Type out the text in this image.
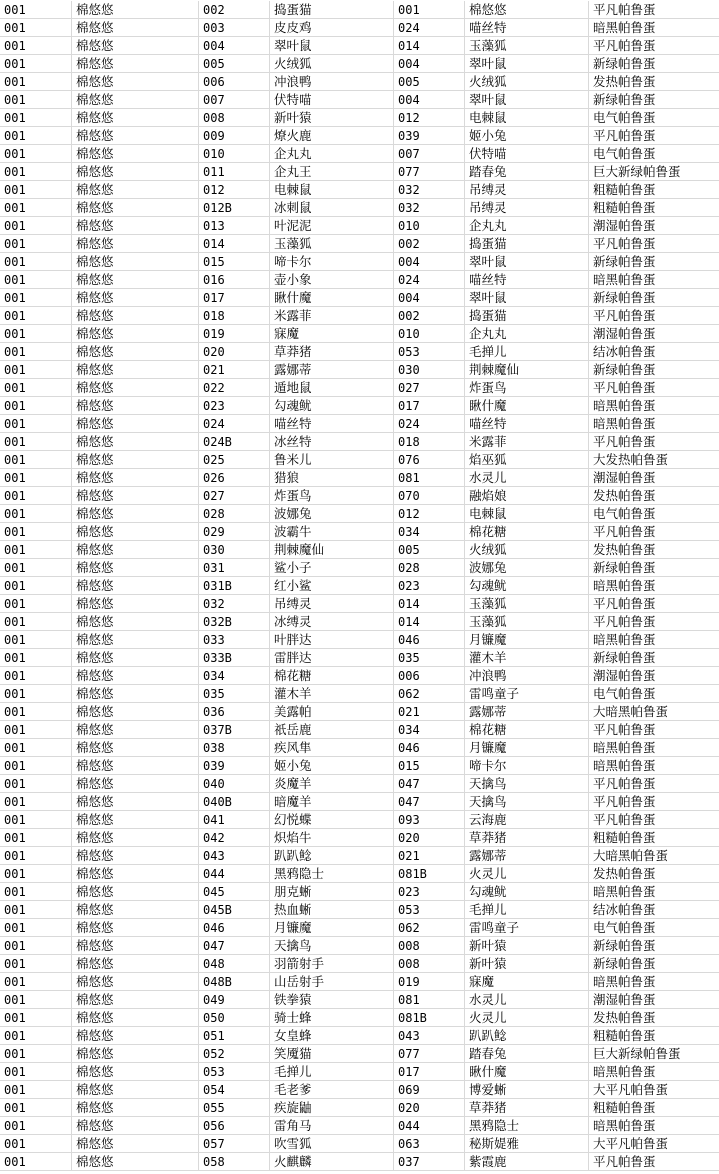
001	棉悠悠	002	捣蛋猫	001	棉悠悠	平凡帕鲁蛋
001	棉悠悠	003	皮皮鸡	024	喵丝特	暗黑帕鲁蛋
001	棉悠悠	004	翠叶鼠	014	玉藻狐	平凡帕鲁蛋
001	棉悠悠	005	火绒狐	004	翠叶鼠	新绿帕鲁蛋
001	棉悠悠	006	冲浪鸭	005	火绒狐	发热帕鲁蛋
001	棉悠悠	007	伏特喵	004	翠叶鼠	新绿帕鲁蛋
001	棉悠悠	008	新叶猿	012	电棘鼠	电气帕鲁蛋
001	棉悠悠	009	燎火鹿	039	姬小兔	平凡帕鲁蛋
001	棉悠悠	010	企丸丸	007	伏特喵	电气帕鲁蛋
001	棉悠悠	011	企丸王	077	踏春兔	巨大新绿帕鲁蛋
001	棉悠悠	012	电棘鼠	032	吊缚灵	粗糙帕鲁蛋
001	棉悠悠	012B	冰刺鼠	032	吊缚灵	粗糙帕鲁蛋
001	棉悠悠	013	叶泥泥	010	企丸丸	潮湿帕鲁蛋
001	棉悠悠	014	玉藻狐	002	捣蛋猫	平凡帕鲁蛋
001	棉悠悠	015	啼卡尔	004	翠叶鼠	新绿帕鲁蛋
001	棉悠悠	016	壶小象	024	喵丝特	暗黑帕鲁蛋
001	棉悠悠	017	瞅什魔	004	翠叶鼠	新绿帕鲁蛋
001	棉悠悠	018	米露菲	002	捣蛋猫	平凡帕鲁蛋
001	棉悠悠	019	寐魔	010	企丸丸	潮湿帕鲁蛋
001	棉悠悠	020	草莽猪	053	毛掸儿	结冰帕鲁蛋
001	棉悠悠	021	露娜蒂	030	荆棘魔仙	新绿帕鲁蛋
001	棉悠悠	022	遁地鼠	027	炸蛋鸟	平凡帕鲁蛋
001	棉悠悠	023	勾魂鱿	017	瞅什魔	暗黑帕鲁蛋
001	棉悠悠	024	喵丝特	024	喵丝特	暗黑帕鲁蛋
001	棉悠悠	024B	冰丝特	018	米露菲	平凡帕鲁蛋
001	棉悠悠	025	鲁米儿	076	焰巫狐	大发热帕鲁蛋
001	棉悠悠	026	猎狼	081	水灵儿	潮湿帕鲁蛋
001	棉悠悠	027	炸蛋鸟	070	融焰娘	发热帕鲁蛋
001	棉悠悠	028	波娜兔	012	电棘鼠	电气帕鲁蛋
001	棉悠悠	029	波霸牛	034	棉花糖	平凡帕鲁蛋
001	棉悠悠	030	荆棘魔仙	005	火绒狐	发热帕鲁蛋
001	棉悠悠	031	鲨小子	028	波娜兔	新绿帕鲁蛋
001	棉悠悠	031B	红小鲨	023	勾魂鱿	暗黑帕鲁蛋
001	棉悠悠	032	吊缚灵	014	玉藻狐	平凡帕鲁蛋
001	棉悠悠	032B	冰缚灵	014	玉藻狐	平凡帕鲁蛋
001	棉悠悠	033	叶胖达	046	月镰魔	暗黑帕鲁蛋
001	棉悠悠	033B	雷胖达	035	灌木羊	新绿帕鲁蛋
001	棉悠悠	034	棉花糖	006	冲浪鸭	潮湿帕鲁蛋
001	棉悠悠	035	灌木羊	062	雷鸣童子	电气帕鲁蛋
001	棉悠悠	036	美露帕	021	露娜蒂	大暗黑帕鲁蛋
001	棉悠悠	037B	祇岳鹿	034	棉花糖	平凡帕鲁蛋
001	棉悠悠	038	疾风隼	046	月镰魔	暗黑帕鲁蛋
001	棉悠悠	039	姬小兔	015	啼卡尔	暗黑帕鲁蛋
001	棉悠悠	040	炎魔羊	047	天擒鸟	平凡帕鲁蛋
001	棉悠悠	040B	暗魔羊	047	天擒鸟	平凡帕鲁蛋
001	棉悠悠	041	幻悦蝶	093	云海鹿	平凡帕鲁蛋
001	棉悠悠	042	炽焰牛	020	草莽猪	粗糙帕鲁蛋
001	棉悠悠	043	趴趴鲶	021	露娜蒂	大暗黑帕鲁蛋
001	棉悠悠	044	黑鸦隐士	081B	火灵儿	发热帕鲁蛋
001	棉悠悠	045	朋克蜥	023	勾魂鱿	暗黑帕鲁蛋
001	棉悠悠	045B	热血蜥	053	毛掸儿	结冰帕鲁蛋
001	棉悠悠	046	月镰魔	062	雷鸣童子	电气帕鲁蛋
001	棉悠悠	047	天擒鸟	008	新叶猿	新绿帕鲁蛋
001	棉悠悠	048	羽箭射手	008	新叶猿	新绿帕鲁蛋
001	棉悠悠	048B	山岳射手	019	寐魔	暗黑帕鲁蛋
001	棉悠悠	049	铁拳猿	081	水灵儿	潮湿帕鲁蛋
001	棉悠悠	050	骑士蜂	081B	火灵儿	发热帕鲁蛋
001	棉悠悠	051	女皇蜂	043	趴趴鲶	粗糙帕鲁蛋
001	棉悠悠	052	笑魇猫	077	踏春兔	巨大新绿帕鲁蛋
001	棉悠悠	053	毛掸儿	017	瞅什魔	暗黑帕鲁蛋
001	棉悠悠	054	毛老爹	069	博爱蜥	大平凡帕鲁蛋
001	棉悠悠	055	疾旋鼬	020	草莽猪	粗糙帕鲁蛋
001	棉悠悠	056	雷角马	044	黑鸦隐士	暗黑帕鲁蛋
001	棉悠悠	057	吹雪狐	063	秘斯媞雅	大平凡帕鲁蛋
001	棉悠悠	058	火麒麟	037	紫霞鹿	平凡帕鲁蛋
